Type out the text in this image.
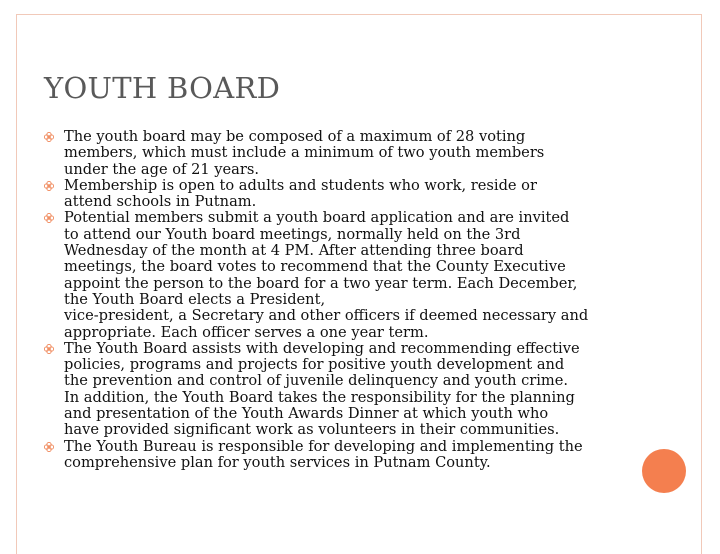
YOUTH BOARD

The youth board may be composed of a maximum of 28 voting
members, which must include a minimum of two youth members
under the age of 21 years.

Membership is open to adults and students who work, reside or
attend schools in Putnam.

Potential members submit a youth board application and are invited
to attend our Youth board meetings, normally held on the 3rd
Wednesday of the month at 4 PM. After attending three board
meetings, the board votes to recommend that the County Executive
appoint the person to the board for a two year term. Each December,
the Youth Board elects a President,
vice-president, a Secretary and other officers if deemed necessary and
appropriate. Each officer serves a one year term.

The Youth Board assists with developing and recommending effective
policies, programs and projects for positive youth development and
the prevention and control of juvenile delinquency and youth crime.
In addition, the Youth Board takes the responsibility for the planning
and presentation of the Youth Awards Dinner at which youth who
have provided significant work as volunteers in their communities.

The Youth Bureau is responsible for developing and implementing the
comprehensive plan for youth services in Putnam County.
